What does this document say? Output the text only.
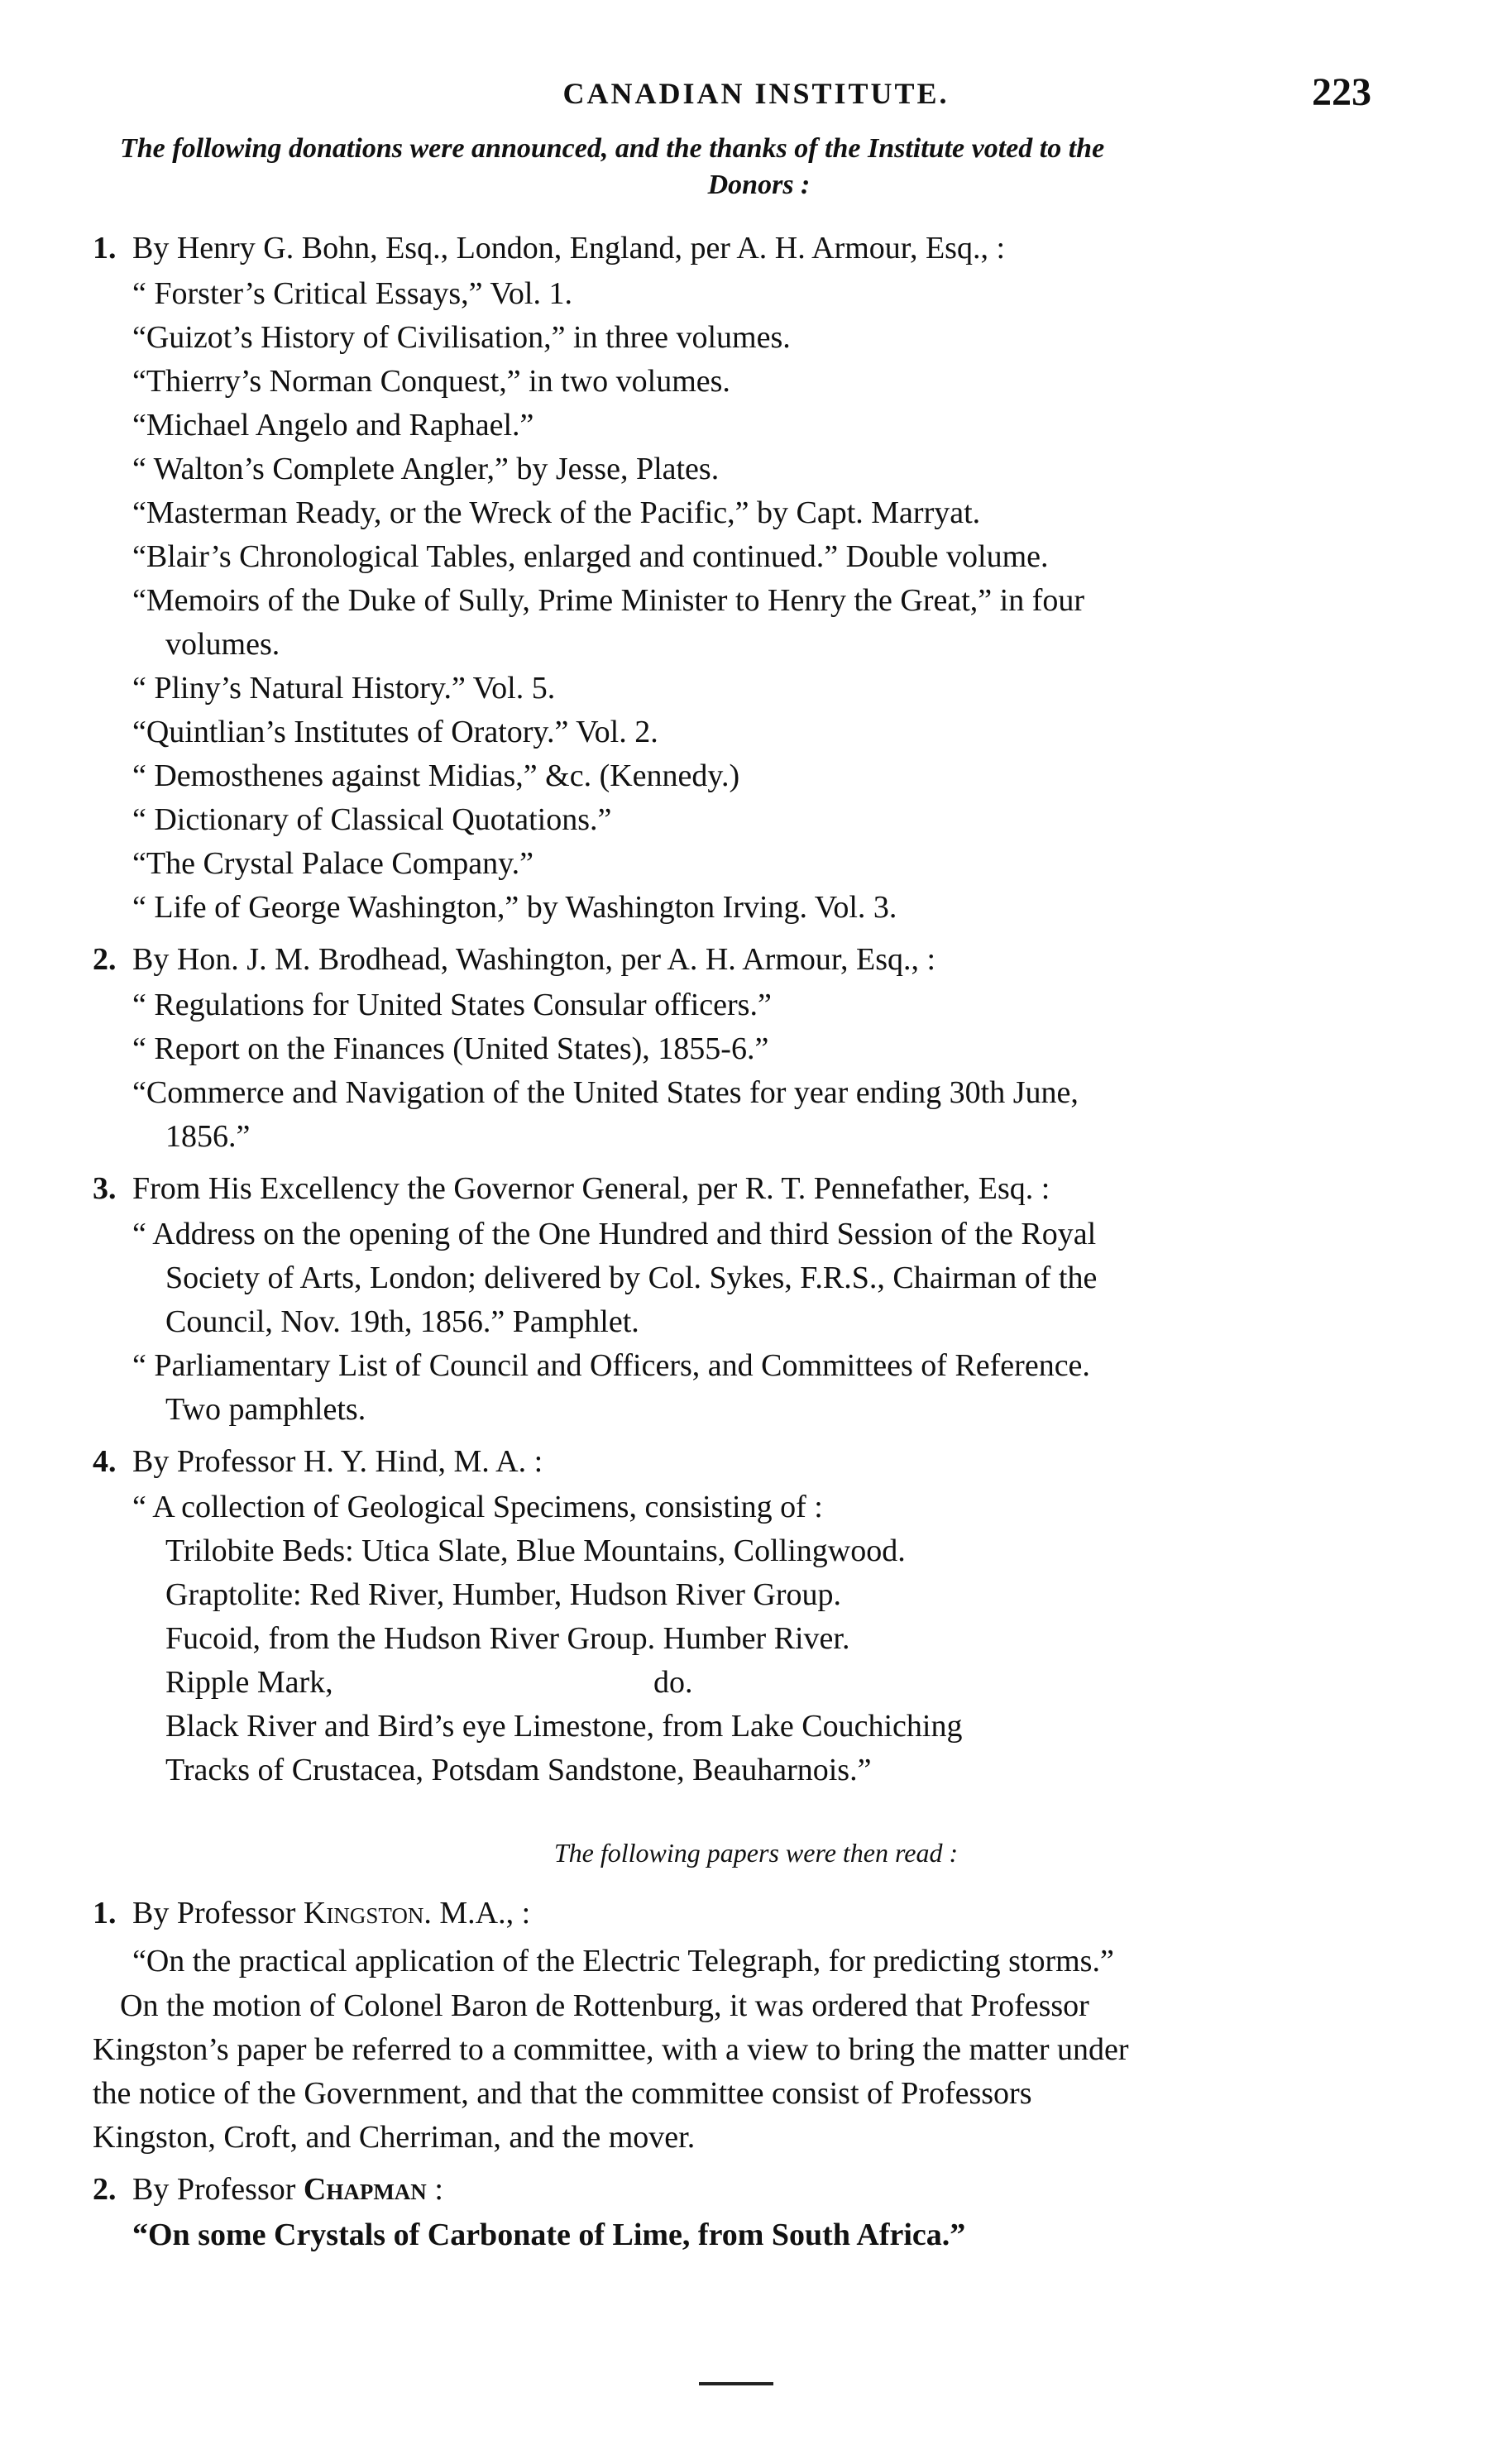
CANADIAN INSTITUTE.	223
The following donations were announced, and the thanks of the Institute voted to the
Donors :
1. By Henry G. Bohn, Esq., London, England, per A. H. Armour, Esq., :
“ Forster’s Critical Essays,” Vol. 1.
“Guizot’s History of Civilisation,” in three volumes.
“Thierry’s Norman Conquest,” in two volumes.
“Michael Angelo and Raphael.”
“ Walton’s Complete Angler,” by Jesse, Plates.
“Masterman Ready, or the Wreck of the Pacific,” by Capt. Marryat.
“Blair’s Chronological Tables, enlarged and continued.” Double volume.
“Memoirs of the Duke of Sully, Prime Minister to Henry the Great,” in four
volumes.
“ Pliny’s Natural History.” Vol. 5.
“Quintlian’s Institutes of Oratory.” Vol. 2.
“ Demosthenes against Midias,” &c. (Kennedy.)
“ Dictionary of Classical Quotations.”
“The Crystal Palace Company.”
“ Life of George Washington,” by Washington Irving. Vol. 3.
2. By Hon. J. M. Brodhead, Washington, per A. H. Armour, Esq., :
“ Regulations for United States Consular officers.”
“ Report on the Finances (United States), 1855-6.”
“Commerce and Navigation of the United States for year ending 30th June,
1856.”
3. From His Excellency the Governor General, per R. T. Pennefather, Esq. :
“ Address on the opening of the One Hundred and third Session of the Royal
Society of Arts, London; delivered by Col. Sykes, F.R.S., Chairman of the
Council, Nov. 19th, 1856.” Pamphlet.
“ Parliamentary List of Council and Officers, and Committees of Reference.
Two pamphlets.
4. By Professor H. Y. Hind, M. A. :
“ A collection of Geological Specimens, consisting of :
Trilobite Beds: Utica Slate, Blue Mountains, Collingwood.
Graptolite: Red River, Humber, Hudson River Group.
Fucoid, from the Hudson River Group. Humber River.
Ripple Mark,	do.
Black River and Bird’s eye Limestone, from Lake Couchiching
Tracks of Crustacea, Potsdam Sandstone, Beauharnois.”
The following papers were then read :
1. By Professor Kingston. M.A., :
“On the practical application of the Electric Telegraph, for predicting storms.”
On the motion of Colonel Baron de Rottenburg, it was ordered that Professor
Kingston’s paper be referred to a committee, with a view to bring the matter under
the notice of the Government, and that the committee consist of Professors
Kingston, Croft, and Cherriman, and the mover.
2. By Professor Chapman :
“On some Crystals of Carbonate of Lime, from South Africa.”
